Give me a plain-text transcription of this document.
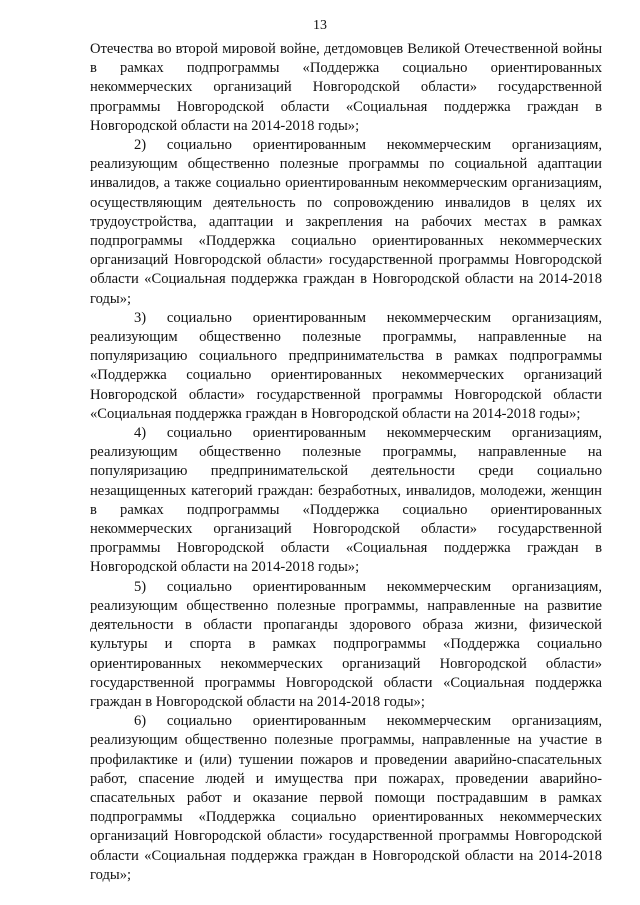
13

Отечества во второй мировой войне, детдомовцев Великой Отечественной войны в рамках подпрограммы «Поддержка социально ориентированных некоммерческих организаций Новгородской области» государственной программы Новгородской области «Социальная поддержка граждан в Новгородской области на 2014-2018 годы»;

2) социально ориентированным некоммерческим организациям, реализующим общественно полезные программы по социальной адаптации инвалидов, а также социально ориентированным некоммерческим организациям, осуществляющим деятельность по сопровождению инвалидов в целях их трудоустройства, адаптации и закрепления на рабочих местах в рамках подпрограммы «Поддержка социально ориентированных некоммерческих организаций Новгородской области» государственной программы Новгородской области «Социальная поддержка граждан в Новгородской области на 2014-2018 годы»;

3) социально ориентированным некоммерческим организациям, реализующим общественно полезные программы, направленные на популяризацию социального предпринимательства в рамках подпрограммы «Поддержка социально ориентированных некоммерческих организаций Новгородской области» государственной программы Новгородской области «Социальная поддержка граждан в Новгородской области на 2014-2018 годы»;

4) социально ориентированным некоммерческим организациям, реализующим общественно полезные программы, направленные на популяризацию предпринимательской деятельности среди социально незащищенных категорий граждан: безработных, инвалидов, молодежи, женщин в рамках подпрограммы «Поддержка социально ориентированных некоммерческих организаций Новгородской области» государственной программы Новгородской области «Социальная поддержка граждан в Новгородской области на 2014-2018 годы»;

5) социально ориентированным некоммерческим организациям, реализующим общественно полезные программы, направленные на развитие деятельности в области пропаганды здорового образа жизни, физической культуры и спорта в рамках подпрограммы «Поддержка социально ориентированных некоммерческих организаций Новгородской области» государственной программы Новгородской области «Социальная поддержка граждан в Новгородской области на 2014-2018 годы»;

6) социально ориентированным некоммерческим организациям, реализующим общественно полезные программы, направленные на участие в профилактике и (или) тушении пожаров и проведении аварийно-спасательных работ, спасение людей и имущества при пожарах, проведении аварийно-спасательных работ и оказание первой помощи пострадавшим в рамках подпрограммы «Поддержка социально ориентированных некоммерческих организаций Новгородской области» государственной программы Новгородской области «Социальная поддержка граждан в Новгородской области на 2014-2018 годы»;
